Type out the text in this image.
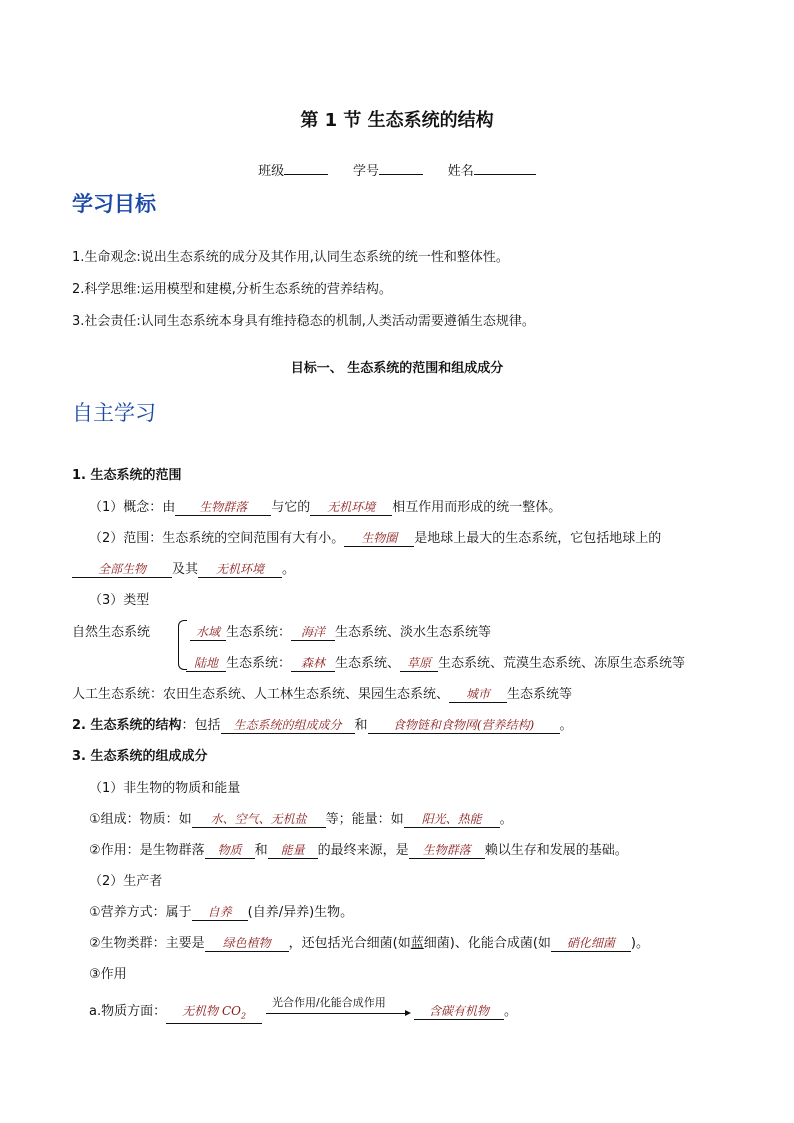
第 1 节 生态系统的结构
班级	学号	姓名
学习目标
1.生命观念:说出生态系统的成分及其作用,认同生态系统的统一性和整体性。
2.科学思维:运用模型和建模,分析生态系统的营养结构。
3.社会责任:认同生态系统本身具有维持稳态的机制,人类活动需要遵循生态规律。
目标一、 生态系统的范围和组成成分
自主学习
1. 生态系统的范围
（1）概念：由 生物群落 与它的 无机环境 相互作用而形成的统一整体。
（2）范围：生态系统的空间范围有大有小。 生物圈 是地球上最大的生态系统，它包括地球上的
全部生物 及其 无机环境 。
（3）类型
自然生态系统	水域 生态系统： 海洋 生态系统、淡水生态系统等
陆地 生态系统： 森林 生态系统、 草原 生态系统、荒漠生态系统、冻原生态系统等
人工生态系统：农田生态系统、人工林生态系统、果园生态系统、 城市 生态系统等
2. 生态系统的结构：包括 生态系统的组成成分 和 食物链和食物网(营养结构) 。
3. 生态系统的组成成分
（1）非生物的物质和能量
①组成：物质：如 水、空气、无机盐 等；能量：如 阳光、热能 。
②作用：是生物群落 物质 和 能量 的最终来源，是 生物群落 赖以生存和发展的基础。
（2）生产者
①营养方式：属于 自养 (自养/异养)生物。
②生物类群：主要是 绿色植物 ，还包括光合细菌(如蓝细菌)、化能合成菌(如 硝化细菌 )。
③作用
a.物质方面： 无机物 $CO_2$
光合作用/化能合成作用
含碳有机物 。
